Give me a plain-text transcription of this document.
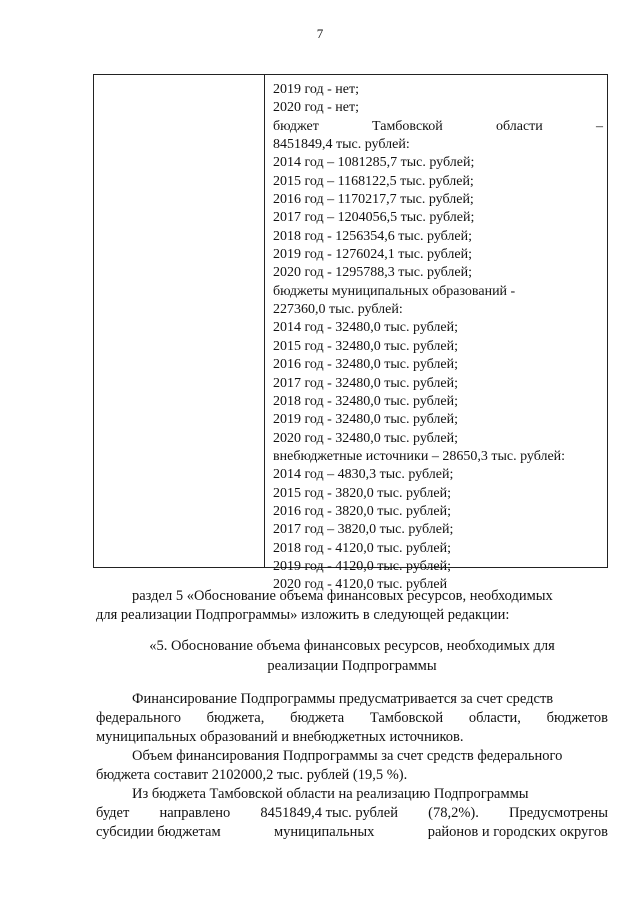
7
2019 год - нет;
2020 год - нет;
бюджет	Тамбовской	области	–
8451849,4 тыс. рублей:
2014 год – 1081285,7 тыс. рублей;
2015 год – 1168122,5 тыс. рублей;
2016 год – 1170217,7 тыс. рублей;
2017 год – 1204056,5 тыс. рублей;
2018 год - 1256354,6 тыс. рублей;
2019 год - 1276024,1 тыс. рублей;
2020 год - 1295788,3 тыс. рублей;
бюджеты муниципальных образований -
227360,0 тыс. рублей:
2014 год - 32480,0 тыс. рублей;
2015 год - 32480,0 тыс. рублей;
2016 год - 32480,0 тыс. рублей;
2017 год - 32480,0 тыс. рублей;
2018 год - 32480,0 тыс. рублей;
2019 год - 32480,0 тыс. рублей;
2020 год - 32480,0 тыс. рублей;
внебюджетные источники – 28650,3 тыс. рублей:
2014 год – 4830,3 тыс. рублей;
2015 год - 3820,0 тыс. рублей;
2016 год - 3820,0 тыс. рублей;
2017 год – 3820,0 тыс. рублей;
2018 год - 4120,0 тыс. рублей;
2019 год - 4120,0 тыс. рублей;
2020 год - 4120,0 тыс. рублей
раздел 5 «Обоснование объема финансовых ресурсов, необходимых
для реализации Подпрограммы» изложить в следующей редакции:
«5. Обоснование объема финансовых ресурсов, необходимых для
реализации Подпрограммы
Финансирование Подпрограммы предусматривается за счет средств
федерального бюджета, бюджета Тамбовской области, бюджетов
муниципальных образований и внебюджетных источников.
Объем финансирования Подпрограммы за счет средств федерального
бюджета составит 2102000,2 тыс. рублей (19,5 %).
Из бюджета Тамбовской области на реализацию Подпрограммы
будет направлено 8451849,4 тыс. рублей (78,2%). Предусмотрены
субсидии бюджетам	муниципальных	районов и городских округов
